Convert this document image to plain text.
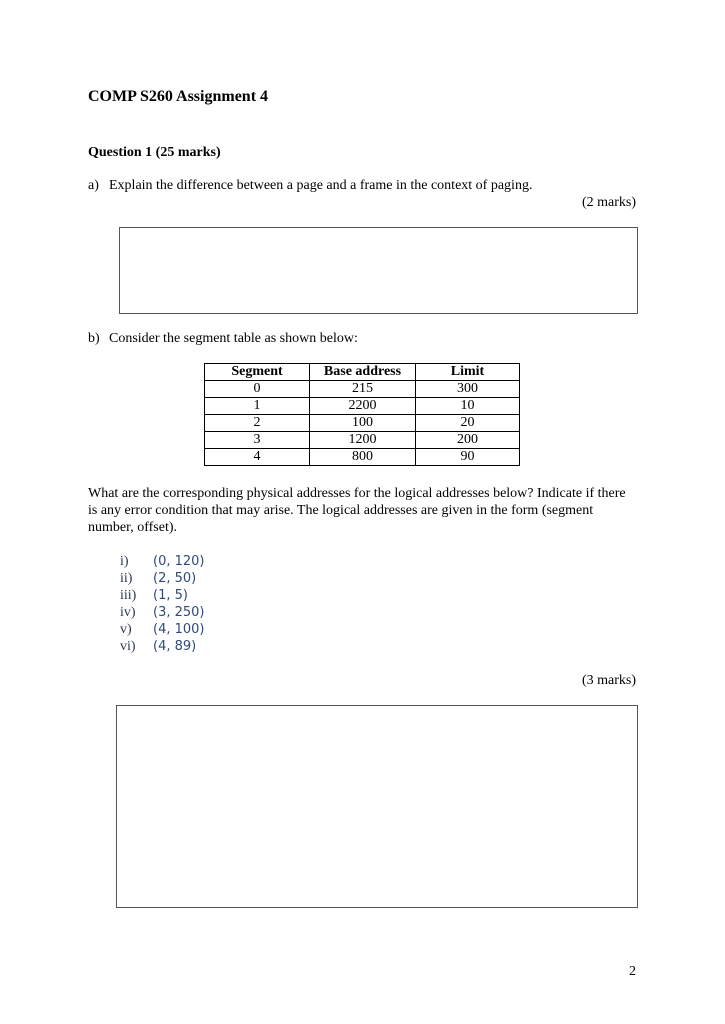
COMP S260 Assignment 4
Question 1 (25 marks)
a) Explain the difference between a page and a frame in the context of paging.
(2 marks)
b) Consider the segment table as shown below:
Segment	Base address	Limit
0	215	300
1	2200	10
2	100	20
3	1200	200
4	800	90

What are the corresponding physical addresses for the logical addresses below? Indicate if there is any error condition that may arise. The logical addresses are given in the form (segment number, offset).

i) (0, 120)
ii) (2, 50)
iii) (1, 5)
iv) (3, 250)
v) (4, 100)
vi) (4, 89)
(3 marks)
2
